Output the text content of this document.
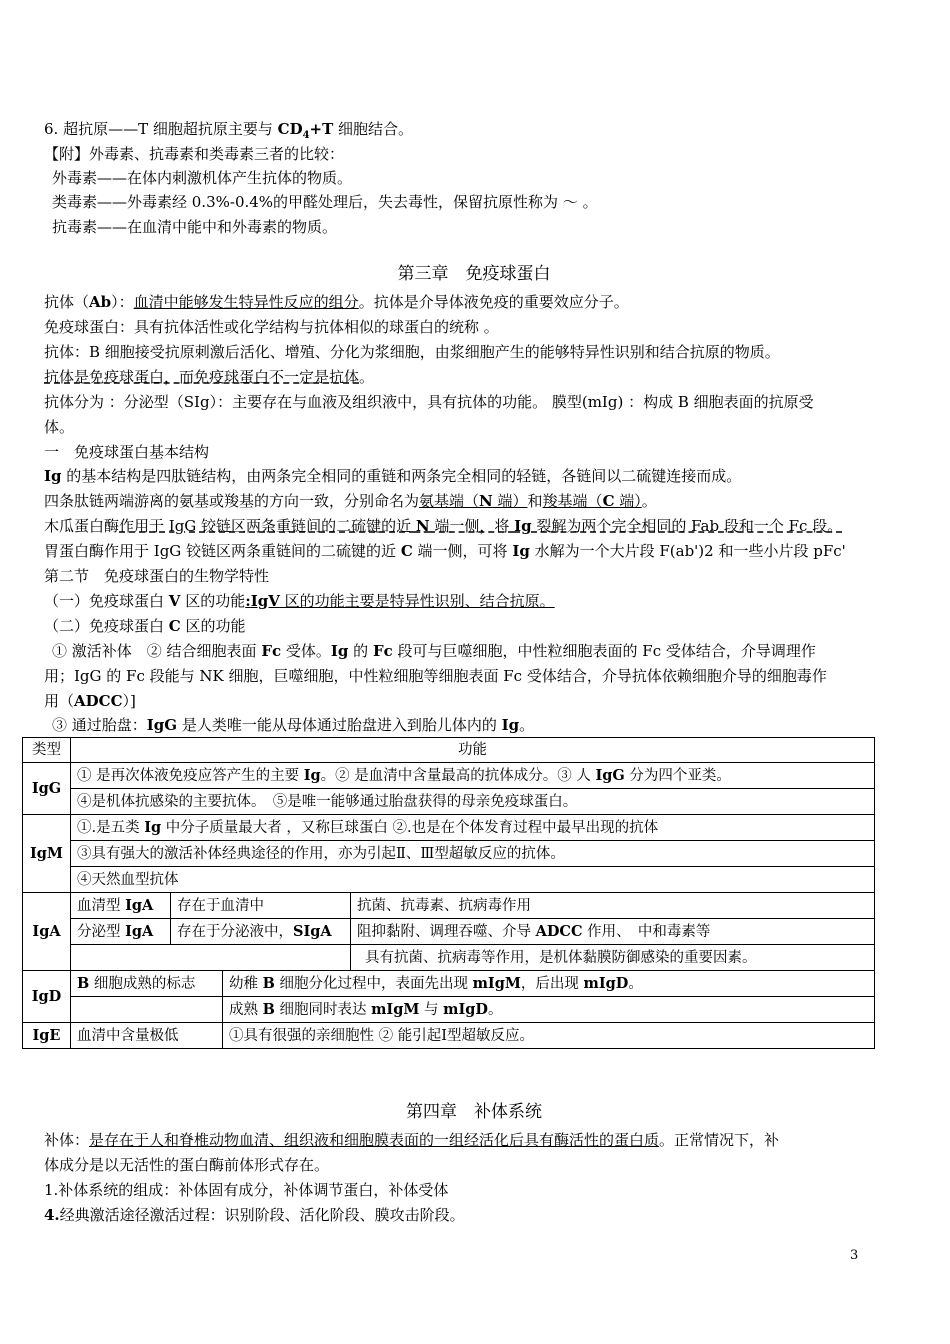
6. 超抗原——T 细胞超抗原主要与 $CD_4+T$ 细胞结合。
【附】外毒素、抗毒素和类毒素三者的比较：
外毒素——在体内刺激机体产生抗体的物质。
类毒素——外毒素经 0.3%-0.4%的甲醛处理后，失去毒性，保留抗原性称为 ～ 。
抗毒素——在血清中能中和外毒素的物质。
第三章　免疫球蛋白
抗体（Ab）：血清中能够发生特异性反应的组分。抗体是介导体液免疫的重要效应分子。
免疫球蛋白：具有抗体活性或化学结构与抗体相似的球蛋白的统称 。
抗体：B 细胞接受抗原刺激后活化、增殖、分化为浆细胞，由浆细胞产生的能够特异性识别和结合抗原的物质。
抗体是免疫球蛋白，而免疫球蛋白不一定是抗体。
抗体分为 ：分泌型（SIg）：主要存在与血液及组织液中，具有抗体的功能。 膜型(mIg) ：构成 B 细胞表面的抗原受
体。
一　免疫球蛋白基本结构
Ig 的基本结构是四肽链结构，由两条完全相同的重链和两条完全相同的轻链，各链间以二硫键连接而成。
四条肽链两端游离的氨基或羧基的方向一致，分别命名为氨基端（N 端）和羧基端（C 端）。
木瓜蛋白酶作用于 IgG 铰链区两条重链间的二硫键的近 N 端一侧，将 Ig 裂解为两个完全相同的 Fab 段和一个 Fc 段。
胃蛋白酶作用于 IgG 铰链区两条重链间的二硫键的近 C 端一侧，可将 Ig 水解为一个大片段 F(ab')2 和一些小片段 pFc'
第二节　免疫球蛋白的生物学特性
（一）免疫球蛋白 V 区的功能:IgV 区的功能主要是特异性识别、结合抗原。
（二）免疫球蛋白 C 区的功能
① 激活补体　② 结合细胞表面 Fc 受体。Ig 的 Fc 段可与巨噬细胞，中性粒细胞表面的 Fc 受体结合，介导调理作
用；IgG 的 Fc 段能与 NK 细胞，巨噬细胞，中性粒细胞等细胞表面 Fc 受体结合，介导抗体依赖细胞介导的细胞毒作
用（ADCC）]
③ 通过胎盘：IgG 是人类唯一能从母体通过胎盘进入到胎儿体内的 Ig。
类型	功能			
IgG	① 是再次体液免疫应答产生的主要 Ig。② 是血清中含量最高的抗体成分。③ 人 IgG 分为四个亚类。			
	④是机体抗感染的主要抗体。　⑤是唯一能够通过胎盘获得的母亲免疫球蛋白。			
IgM	①.是五类 Ig 中分子质量最大者 ，又称巨球蛋白 ②.也是在个体发育过程中最早出现的抗体			
	③具有强大的激活补体经典途径的作用，亦为引起Ⅱ、Ⅲ型超敏反应的抗体。			
	④天然血型抗体			
IgA	血清型 IgA	存在于血清中		抗菌、抗毒素、抗病毒作用
	分泌型 IgA	存在于分泌液中，SIgA		阻抑黏附、调理吞噬、介导 ADCC 作用、　中和毒素等
				具有抗菌、抗病毒等作用，是机体黏膜防御感染的重要因素。
IgD	B 细胞成熟的标志		幼稚 B 细胞分化过程中，表面先出现 mIgM，后出现 mIgD。	
			成熟 B 细胞同时表达 mIgM 与 mIgD。	
IgE	血清中含量极低		①具有很强的亲细胞性 ② 能引起Ⅰ型超敏反应。	
第四章　补体系统
补体：是存在于人和脊椎动物血清、组织液和细胞膜表面的一组经活化后具有酶活性的蛋白质。正常情况下，补
体成分是以无活性的蛋白酶前体形式存在。
1.补体系统的组成：补体固有成分，补体调节蛋白，补体受体
4.经典激活途径激活过程：识别阶段、活化阶段、膜攻击阶段。
3
